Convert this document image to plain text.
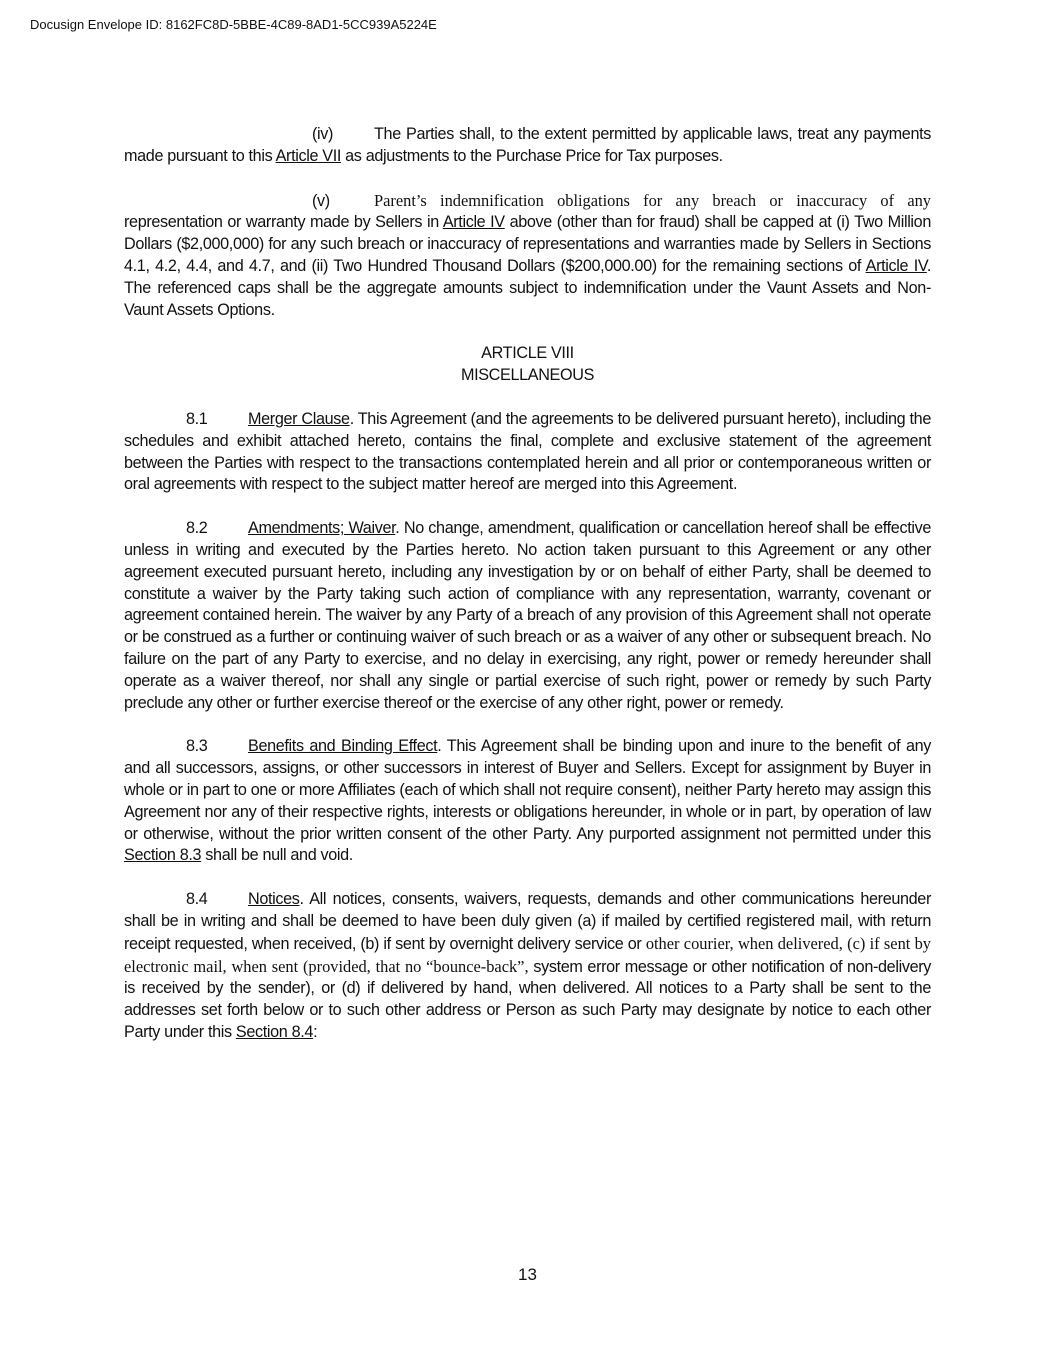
Docusign Envelope ID: 8162FC8D-5BBE-4C89-8AD1-5CC939A5224E

(iv)	The Parties shall, to the extent permitted by applicable laws, treat any payments made pursuant to this Article VII as adjustments to the Purchase Price for Tax purposes.

(v)	Parent’s indemnification obligations for any breach or inaccuracy of any representation or warranty made by Sellers in Article IV above (other than for fraud) shall be capped at (i) Two Million Dollars ($2,000,000) for any such breach or inaccuracy of representations and warranties made by Sellers in Sections 4.1, 4.2, 4.4, and 4.7, and (ii) Two Hundred Thousand Dollars ($200,000.00) for the remaining sections of Article IV. The referenced caps shall be the aggregate amounts subject to indemnification under the Vaunt Assets and Non-Vaunt Assets Options.

ARTICLE VIII
MISCELLANEOUS

8.1	Merger Clause. This Agreement (and the agreements to be delivered pursuant hereto), including the schedules and exhibit attached hereto, contains the final, complete and exclusive statement of the agreement between the Parties with respect to the transactions contemplated herein and all prior or contemporaneous written or oral agreements with respect to the subject matter hereof are merged into this Agreement.

8.2	Amendments; Waiver. No change, amendment, qualification or cancellation hereof shall be effective unless in writing and executed by the Parties hereto. No action taken pursuant to this Agreement or any other agreement executed pursuant hereto, including any investigation by or on behalf of either Party, shall be deemed to constitute a waiver by the Party taking such action of compliance with any representation, warranty, covenant or agreement contained herein. The waiver by any Party of a breach of any provision of this Agreement shall not operate or be construed as a further or continuing waiver of such breach or as a waiver of any other or subsequent breach. No failure on the part of any Party to exercise, and no delay in exercising, any right, power or remedy hereunder shall operate as a waiver thereof, nor shall any single or partial exercise of such right, power or remedy by such Party preclude any other or further exercise thereof or the exercise of any other right, power or remedy.

8.3	Benefits and Binding Effect. This Agreement shall be binding upon and inure to the benefit of any and all successors, assigns, or other successors in interest of Buyer and Sellers. Except for assignment by Buyer in whole or in part to one or more Affiliates (each of which shall not require consent), neither Party hereto may assign this Agreement nor any of their respective rights, interests or obligations hereunder, in whole or in part, by operation of law or otherwise, without the prior written consent of the other Party. Any purported assignment not permitted under this Section 8.3 shall be null and void.

8.4	Notices. All notices, consents, waivers, requests, demands and other communications hereunder shall be in writing and shall be deemed to have been duly given (a) if mailed by certified registered mail, with return receipt requested, when received, (b) if sent by overnight delivery service or other courier, when delivered, (c) if sent by electronic mail, when sent (provided, that no “bounce-back”, system error message or other notification of non-delivery is received by the sender), or (d) if delivered by hand, when delivered. All notices to a Party shall be sent to the addresses set forth below or to such other address or Person as such Party may designate by notice to each other Party under this Section 8.4:

13
